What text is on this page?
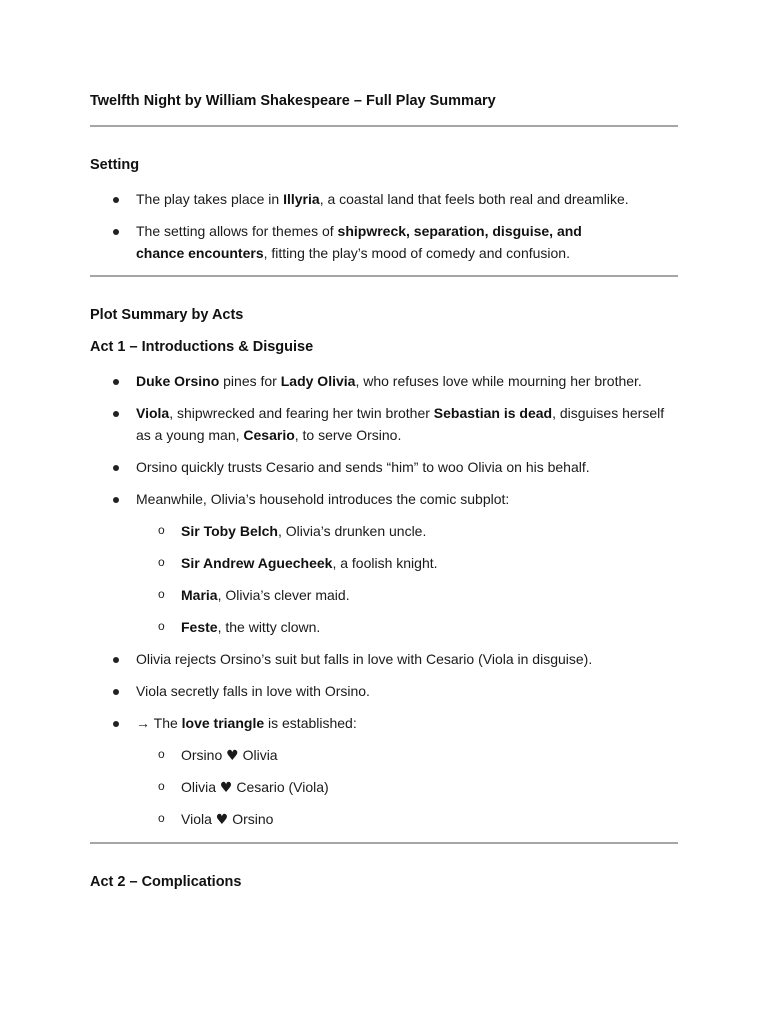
Twelfth Night by William Shakespeare – Full Play Summary
Setting
The play takes place in Illyria, a coastal land that feels both real and dreamlike.
The setting allows for themes of shipwreck, separation, disguise, and chance encounters, fitting the play’s mood of comedy and confusion.
Plot Summary by Acts
Act 1 – Introductions & Disguise
Duke Orsino pines for Lady Olivia, who refuses love while mourning her brother.
Viola, shipwrecked and fearing her twin brother Sebastian is dead, disguises herself as a young man, Cesario, to serve Orsino.
Orsino quickly trusts Cesario and sends “him” to woo Olivia on his behalf.
Meanwhile, Olivia’s household introduces the comic subplot:
o Sir Toby Belch, Olivia’s drunken uncle.
o Sir Andrew Aguecheek, a foolish knight.
o Maria, Olivia’s clever maid.
o Feste, the witty clown.
Olivia rejects Orsino’s suit but falls in love with Cesario (Viola in disguise).
Viola secretly falls in love with Orsino.
→ The love triangle is established:
o Orsino ♥ Olivia
o Olivia ♥ Cesario (Viola)
o Viola ♥ Orsino
Act 2 – Complications
